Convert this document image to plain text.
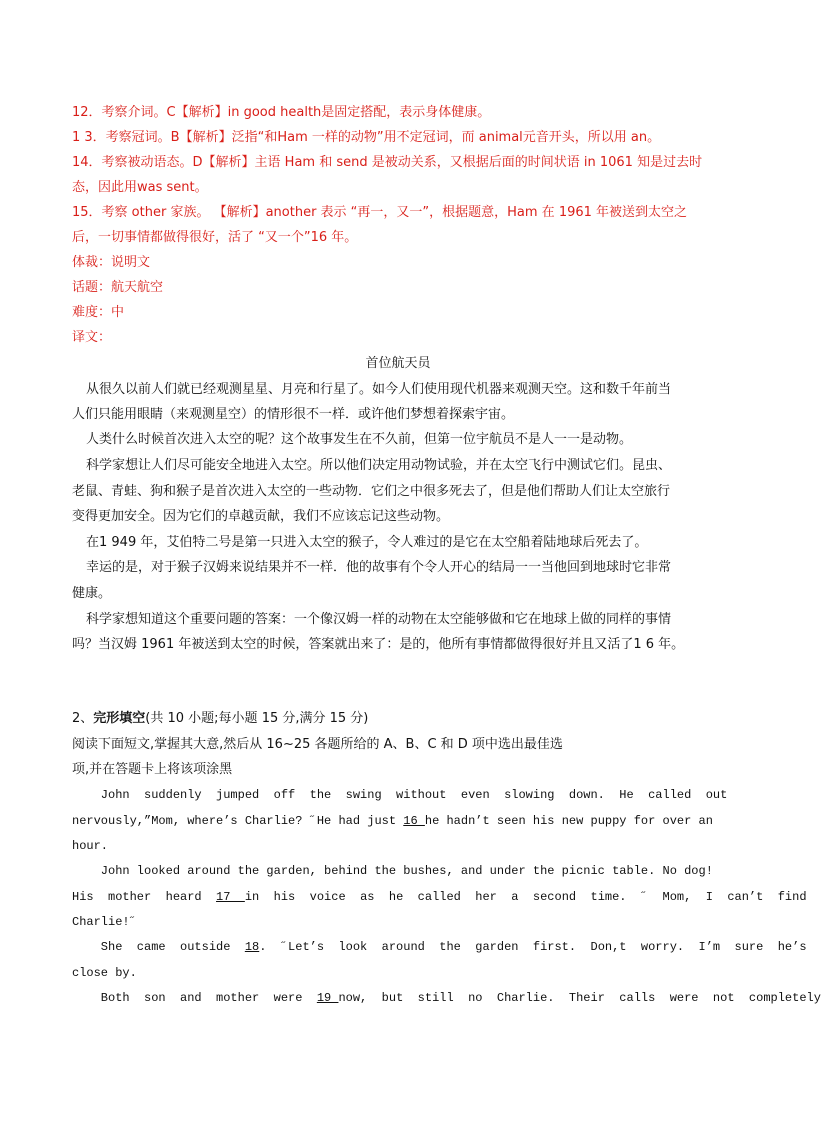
12．考察介词。C【解析】in good health是固定搭配，表示身体健康。
1 3．考察冠词。B【解析】泛指“和Ham 一样的动物”用不定冠词，而 animal元音开头，所以用 an。
14．考察被动语态。D【解析】主语 Ham 和 send 是被动关系，又根据后面的时间状语 in 1061 知是过去时
态，因此用was sent。
15．考察 other 家族。 【解析】another 表示 “再一，又一”，根据题意，Ham 在 1961 年被送到太空之
后，一切事情都做得很好，活了 “又一个”16 年。
体裁：说明文
话题：航天航空
难度：中
译文：
首位航天员
从很久以前人们就已经观测星星、月亮和行星了。如今人们使用现代机器来观测天空。这和数千年前当
人们只能用眼睛（来观测星空）的情形很不一样．或许他们梦想着探索宇宙。
人类什么时候首次进入太空的呢？这个故事发生在不久前，但第一位宇航员不是人一一是动物。
科学家想让人们尽可能安全地进入太空。所以他们决定用动物试验，并在太空飞行中测试它们。昆虫、
老鼠、青蛙、狗和猴子是首次进入太空的一些动物．它们之中很多死去了，但是他们帮助人们让太空旅行
变得更加安全。因为它们的卓越贡献，我们不应该忘记这些动物。
在1 949 年，艾伯特二号是第一只进入太空的猴子，令人难过的是它在太空船着陆地球后死去了。
幸运的是，对于猴子汉姆来说结果并不一样．他的故事有个令人开心的结局一一当他回到地球时它非常
健康。
科学家想知道这个重要问题的答案：一个像汉姆一样的动物在太空能够做和它在地球上做的同样的事情
吗？当汉姆 1961 年被送到太空的时候，答案就出来了：是的，他所有事情都做得很好并且又活了1 6 年。
2、完形填空(共 10 小题;每小题 15 分,满分 15 分)
阅读下面短文,掌握其大意,然后从 16~25 各题所给的 A、B、C 和 D 项中选出最佳选
项,并在答题卡上将该项涂黑
John  suddenly  jumped  off  the  swing  without  even  slowing  down.  He  called  out
nervously,”Mom, where’s Charlie? ˝He had just 16 he hadn’t seen his new puppy for over an
hour.
John looked around the garden, behind the bushes, and under the picnic table. No dog!
His  mother  heard  17  in  his  voice  as  he  called  her  a  second  time.  ˝  Mom,  I  can’t  find
Charlie!˝
She  came  outside  18.  ˝Let’s  look  around  the  garden  first.  Don,t  worry.  I’m  sure  he’s
close by.
Both  son  and  mother  were  19 now,  but  still  no  Charlie.  Their  calls  were  not  completely
